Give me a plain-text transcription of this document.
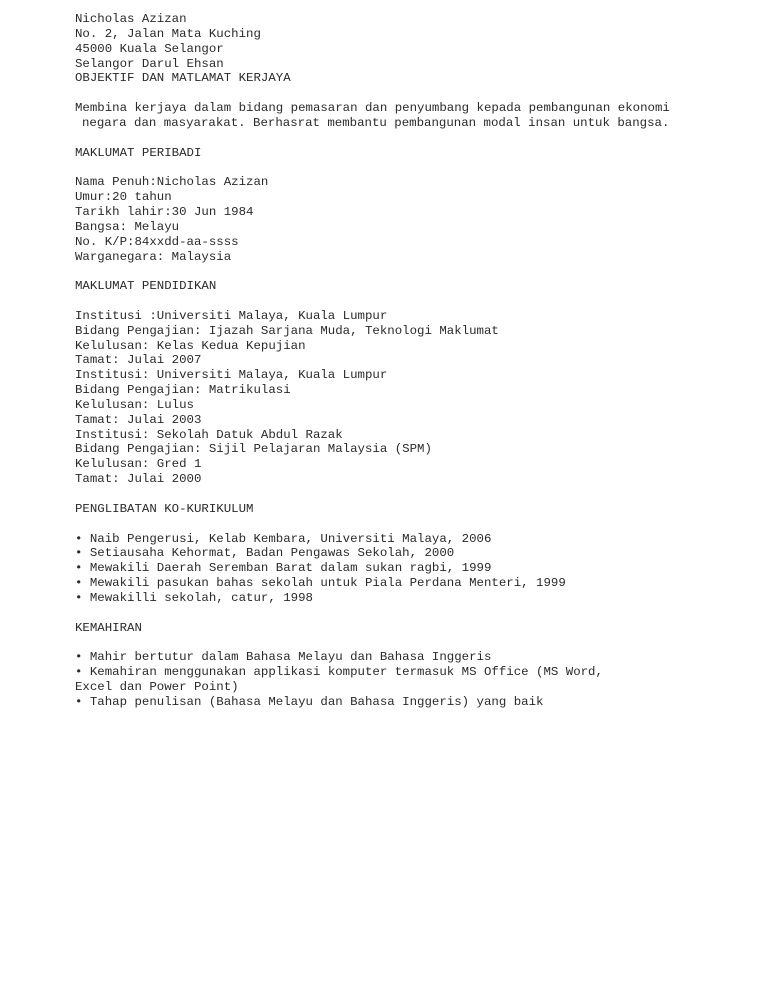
Nicholas Azizan
No. 2, Jalan Mata Kuching
45000 Kuala Selangor
Selangor Darul Ehsan
OBJEKTIF DAN MATLAMAT KERJAYA
Membina kerjaya dalam bidang pemasaran dan penyumbang kepada pembangunan ekonomi
negara dan masyarakat. Berhasrat membantu pembangunan modal insan untuk bangsa.
MAKLUMAT PERIBADI
Nama Penuh:Nicholas Azizan
Umur:20 tahun
Tarikh lahir:30 Jun 1984
Bangsa: Melayu
No. K/P:84xxdd-aa-ssss
Warganegara: Malaysia
MAKLUMAT PENDIDIKAN
Institusi :Universiti Malaya, Kuala Lumpur
Bidang Pengajian: Ijazah Sarjana Muda, Teknologi Maklumat
Kelulusan: Kelas Kedua Kepujian
Tamat: Julai 2007
Institusi: Universiti Malaya, Kuala Lumpur
Bidang Pengajian: Matrikulasi
Kelulusan: Lulus
Tamat: Julai 2003
Institusi: Sekolah Datuk Abdul Razak
Bidang Pengajian: Sijil Pelajaran Malaysia (SPM)
Kelulusan: Gred 1
Tamat: Julai 2000
PENGLIBATAN KO-KURIKULUM
• Naib Pengerusi, Kelab Kembara, Universiti Malaya, 2006
• Setiausaha Kehormat, Badan Pengawas Sekolah, 2000
• Mewakili Daerah Seremban Barat dalam sukan ragbi, 1999
• Mewakili pasukan bahas sekolah untuk Piala Perdana Menteri, 1999
• Mewakilli sekolah, catur, 1998
KEMAHIRAN
• Mahir bertutur dalam Bahasa Melayu dan Bahasa Inggeris
• Kemahiran menggunakan applikasi komputer termasuk MS Office (MS Word,
Excel dan Power Point)
• Tahap penulisan (Bahasa Melayu dan Bahasa Inggeris) yang baik
